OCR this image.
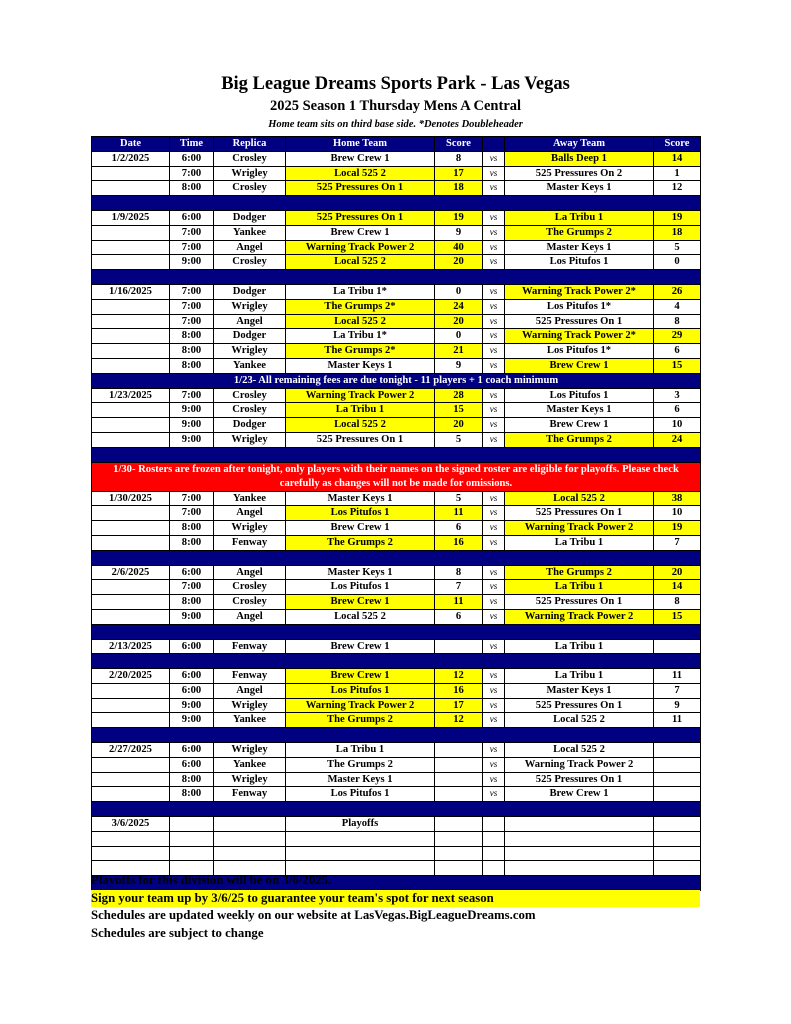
Big League Dreams Sports Park - Las Vegas
2025 Season 1 Thursday Mens A Central
Home team sits on third base side. *Denotes Doubleheader
Date	Time	Replica	Home Team	Score		Away Team	Score
1/2/2025	6:00	Crosley	Brew Crew 1	8	vs	Balls Deep 1	14
	7:00	Wrigley	Local 525 2	17	vs	525 Pressures On 2	1
	8:00	Crosley	525 Pressures On 1	18	vs	Master Keys 1	12

1/9/2025	6:00	Dodger	525 Pressures On 1	19	vs	La Tribu 1	19
	7:00	Yankee	Brew Crew 1	9	vs	The Grumps 2	18
	7:00	Angel	Warning Track Power 2	40	vs	Master Keys 1	5
	9:00	Crosley	Local 525 2	20	vs	Los Pitufos 1	0

1/16/2025	7:00	Dodger	La Tribu 1*	0	vs	Warning Track Power 2*	26
	7:00	Wrigley	The Grumps 2*	24	vs	Los Pitufos 1*	4
	7:00	Angel	Local 525 2	20	vs	525 Pressures On 1	8
	8:00	Dodger	La Tribu 1*	0	vs	Warning Track Power 2*	29
	8:00	Wrigley	The Grumps 2*	21	vs	Los Pitufos 1*	6
	8:00	Yankee	Master Keys 1	9	vs	Brew Crew 1	15
1/23- All remaining fees are due tonight - 11 players + 1 coach minimum							
1/23/2025	7:00	Crosley	Warning Track Power 2	28	vs	Los Pitufos 1	3
	9:00	Crosley	La Tribu 1	15	vs	Master Keys 1	6
	9:00	Dodger	Local 525 2	20	vs	Brew Crew 1	10
	9:00	Wrigley	525 Pressures On 1	5	vs	The Grumps 2	24

1/30- Rosters are frozen after tonight, only players with their names on the signed roster are eligible for playoffs. Please check carefully as changes will not be made for omissions.							
1/30/2025	7:00	Yankee	Master Keys 1	5	vs	Local 525 2	38
	7:00	Angel	Los Pitufos 1	11	vs	525 Pressures On 1	10
	8:00	Wrigley	Brew Crew 1	6	vs	Warning Track Power 2	19
	8:00	Fenway	The Grumps 2	16	vs	La Tribu 1	7

2/6/2025	6:00	Angel	Master Keys 1	8	vs	The Grumps 2	20
	7:00	Crosley	Los Pitufos 1	7	vs	La Tribu 1	14
	8:00	Crosley	Brew Crew 1	11	vs	525 Pressures On 1	8
	9:00	Angel	Local 525 2	6	vs	Warning Track Power 2	15

2/13/2025	6:00	Fenway	Brew Crew 1		vs	La Tribu 1	

2/20/2025	6:00	Fenway	Brew Crew 1	12	vs	La Tribu 1	11
	6:00	Angel	Los Pitufos 1	16	vs	Master Keys 1	7
	9:00	Wrigley	Warning Track Power 2	17	vs	525 Pressures On 1	9
	9:00	Yankee	The Grumps 2	12	vs	Local 525 2	11

2/27/2025	6:00	Wrigley	La Tribu 1		vs	Local 525 2	
	6:00	Yankee	The Grumps 2		vs	Warning Track Power 2	
	8:00	Wrigley	Master Keys 1		vs	525 Pressures On 1	
	8:00	Fenway	Los Pitufos 1		vs	Brew Crew 1	

3/6/2025			Playoffs				

Playoffs for this division will be on 3/6/2025.
Sign your team up by 3/6/25 to guarantee your team's spot for next season
Schedules are updated weekly on our website at LasVegas.BigLeagueDreams.com
Schedules are subject to change
